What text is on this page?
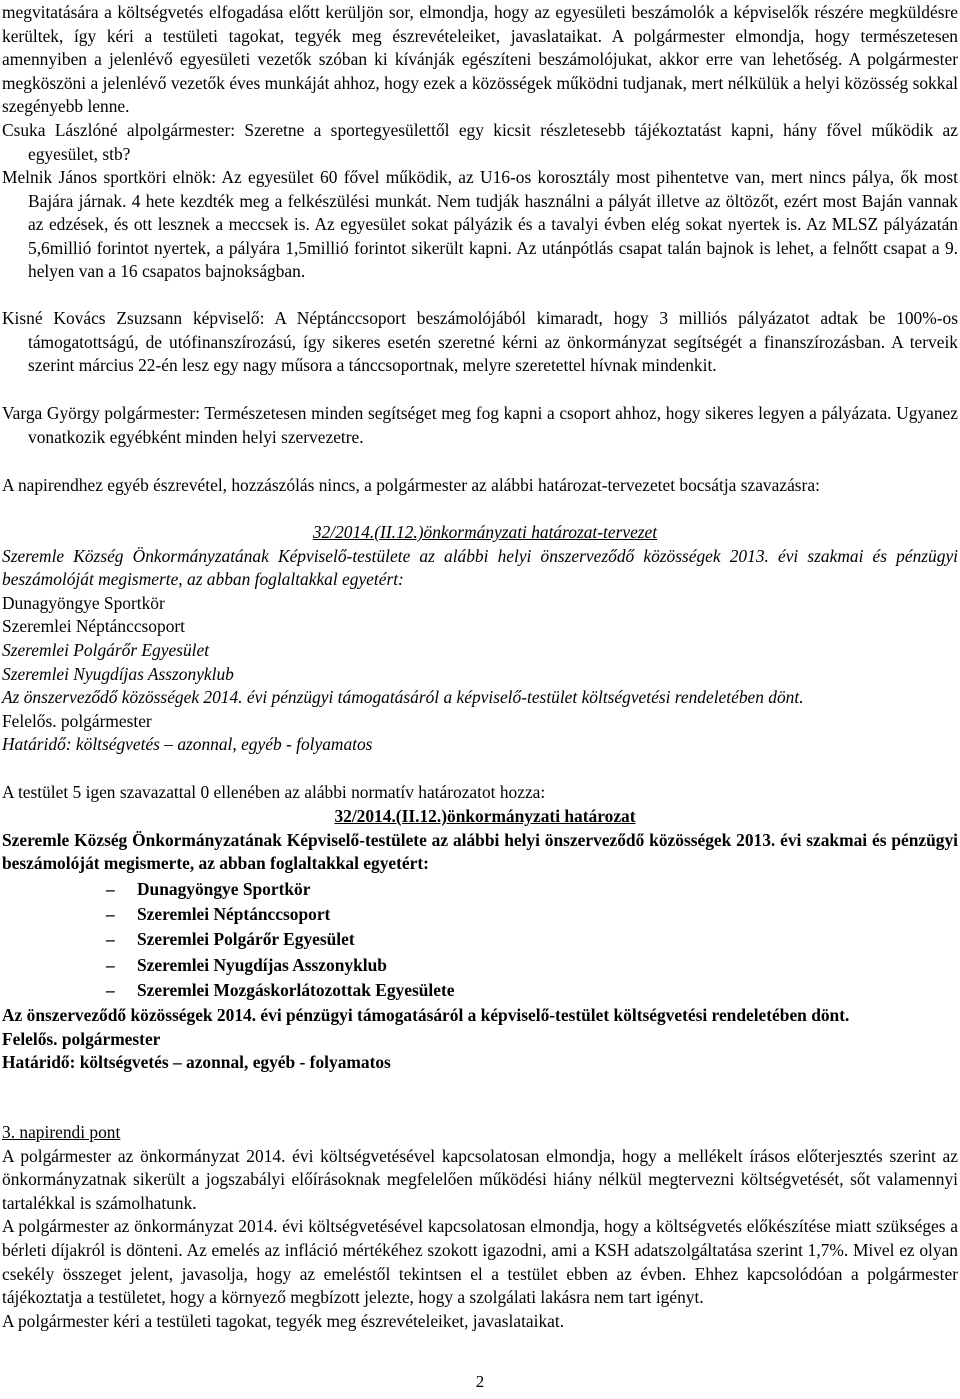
megvitatására a költségvetés elfogadása előtt kerüljön sor, elmondja, hogy az egyesületi beszámolók a képviselők részére megküldésre kerültek, így kéri a testületi tagokat, tegyék meg észrevételeiket, javaslataikat. A polgármester elmondja, hogy természetesen amennyiben a jelenlévő egyesületi vezetők szóban ki kívánják egészíteni beszámolójukat, akkor erre van lehetőség. A polgármester megköszöni a jelenlévő vezetők éves munkáját ahhoz, hogy ezek a közösségek működni tudjanak, mert nélkülük a helyi közösség sokkal szegényebb lenne.

Csuka Lászlóné alpolgármester: Szeretne a sportegyesülettől egy kicsit részletesebb tájékoztatást kapni, hány fővel működik az egyesület, stb?

Melnik János sportköri elnök: Az egyesület 60 fővel működik, az U16-os korosztály most pihentetve van, mert nincs pálya, ők most Bajára járnak. 4 hete kezdték meg a felkészülési munkát. Nem tudják használni a pályát illetve az öltözőt, ezért most Baján vannak az edzések, és ott lesznek a meccsek is. Az egyesület sokat pályázik és a tavalyi évben elég sokat nyertek is. Az MLSZ pályázatán 5,6millió forintot nyertek, a pályára 1,5millió forintot sikerült kapni. Az utánpótlás csapat talán bajnok is lehet, a felnőtt csapat a 9. helyen van a 16 csapatos bajnokságban.

Kisné Kovács Zsuzsann képviselő: A Néptánccsoport beszámolójából kimaradt, hogy 3 milliós pályázatot adtak be 100%-os támogatottságú, de utófinanszírozású, így sikeres esetén szeretné kérni az önkormányzat segítségét a finanszírozásban. A terveik szerint március 22-én lesz egy nagy műsora a tánccsoportnak, melyre szeretettel hívnak mindenkit.

Varga György polgármester: Természetesen minden segítséget meg fog kapni a csoport ahhoz, hogy sikeres legyen a pályázata. Ugyanez vonatkozik egyébként minden helyi szervezetre.

A napirendhez egyéb észrevétel, hozzászólás nincs, a polgármester az alábbi határozat-tervezetet bocsátja szavazásra:

32/2014.(II.12.)önkormányzati határozat-tervezet
Szeremle Község Önkormányzatának Képviselő-testülete az alábbi helyi önszerveződő közösségek 2013. évi szakmai és pénzügyi beszámolóját megismerte, az abban foglaltakkal egyetért:
Dunagyöngye Sportkör
Szeremlei Néptánccsoport
Szeremlei Polgárőr Egyesület
Szeremlei Nyugdíjas Asszonyklub
Az önszerveződő közösségek 2014. évi pénzügyi támogatásáról a képviselő-testület költségvetési rendeletében dönt.
Felelős. polgármester
Határidő: költségvetés – azonnal, egyéb - folyamatos

A testület 5 igen szavazattal 0 ellenében az alábbi normatív határozatot hozza:

32/2014.(II.12.)önkormányzati határozat
Szeremle Község Önkormányzatának Képviselő-testülete az alábbi helyi önszerveződő közösségek 2013. évi szakmai és pénzügyi beszámolóját megismerte, az abban foglaltakkal egyetért:
– Dunagyöngye Sportkör
– Szeremlei Néptánccsoport
– Szeremlei Polgárőr Egyesület
– Szeremlei Nyugdíjas Asszonyklub
– Szeremlei Mozgáskorlátozottak Egyesülete
Az önszerveződő közösségek 2014. évi pénzügyi támogatásáról a képviselő-testület költségvetési rendeletében dönt.
Felelős. polgármester
Határidő: költségvetés – azonnal, egyéb - folyamatos
3. napirendi pont
A polgármester az önkormányzat 2014. évi költségvetésével kapcsolatosan elmondja, hogy a mellékelt írásos előterjesztés szerint az önkormányzatnak sikerült a jogszabályi előírásoknak megfelelően működési hiány nélkül megtervezni költségvetését, sőt valamennyi tartalékkal is számolhatunk.
A polgármester az önkormányzat 2014. évi költségvetésével kapcsolatosan elmondja, hogy a költségvetés előkészítése miatt szükséges a bérleti díjakról is dönteni. Az emelés az infláció mértékéhez szokott igazodni, ami a KSH adatszolgáltatása szerint 1,7%. Mivel ez olyan csekély összeget jelent, javasolja, hogy az emeléstől tekintsen el a testület ebben az évben. Ehhez kapcsolódóan a polgármester tájékoztatja a testületet, hogy a környező megbízott jelezte, hogy a szolgálati lakásra nem tart igényt.
A polgármester kéri a testületi tagokat, tegyék meg észrevételeiket, javaslataikat.
2
